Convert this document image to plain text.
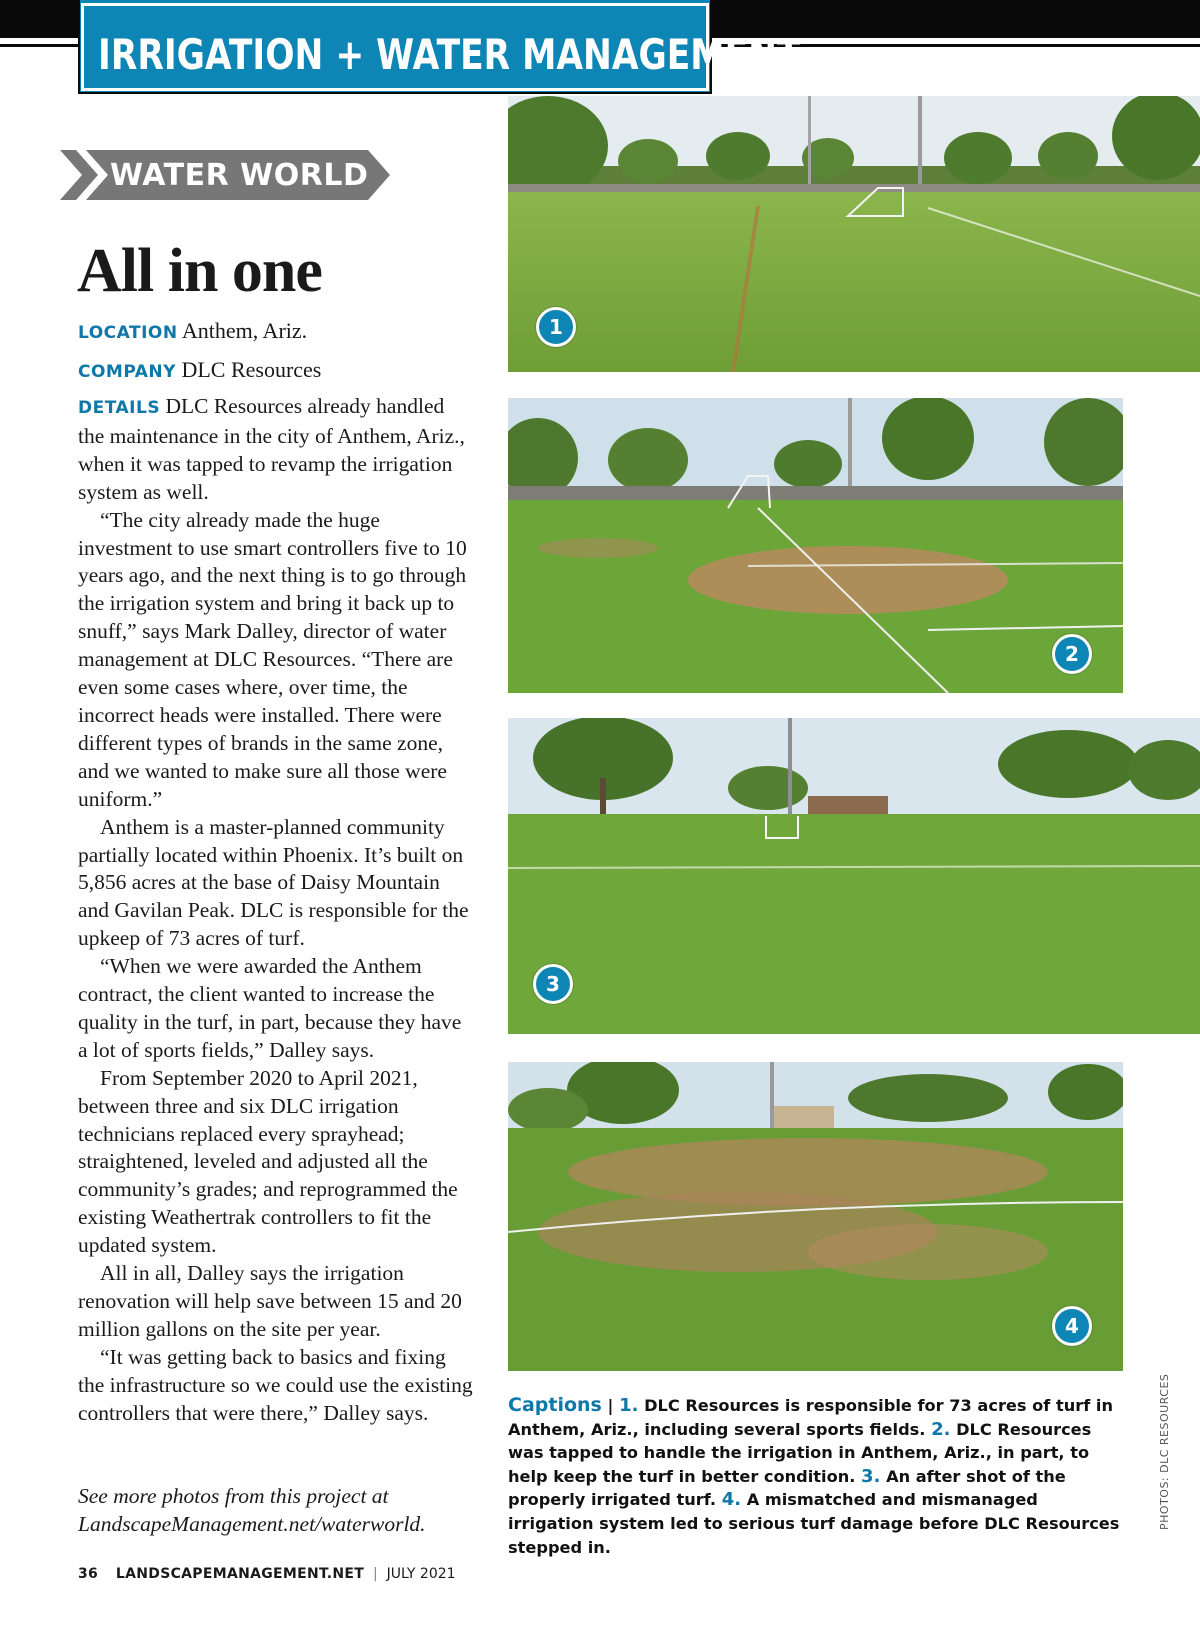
IRRIGATION + WATER MANAGEMENT
WATER WORLD
All in one
LOCATION Anthem, Ariz.
COMPANY DLC Resources

DETAILS DLC Resources already handled the maintenance in the city of Anthem, Ariz., when it was tapped to revamp the irrigation system as well.

“The city already made the huge investment to use smart controllers five to 10 years ago, and the next thing is to go through the irrigation system and bring it back up to snuff,” says Mark Dalley, director of water management at DLC Resources. “There are even some cases where, over time, the incorrect heads were installed. There were different types of brands in the same zone, and we wanted to make sure all those were uniform.”

Anthem is a master-planned community partially located within Phoenix. It’s built on 5,856 acres at the base of Daisy Mountain and Gavilan Peak. DLC is responsible for the upkeep of 73 acres of turf.

“When we were awarded the Anthem contract, the client wanted to increase the quality in the turf, in part, because they have a lot of sports fields,” Dalley says.

From September 2020 to April 2021, between three and six DLC irrigation technicians replaced every sprayhead; straightened, leveled and adjusted all the community’s grades; and reprogrammed the existing Weathertrak controllers to fit the updated system.

All in all, Dalley says the irrigation renovation will help save between 15 and 20 million gallons on the site per year.

“It was getting back to basics and fixing the infrastructure so we could use the existing controllers that were there,” Dalley says.

See more photos from this project at
LandscapeManagement.net/waterworld.
1
2
3
4
Captions | 1. DLC Resources is responsible for 73 acres of turf in Anthem, Ariz., including several sports fields. 2. DLC Resources was tapped to handle the irrigation in Anthem, Ariz., in part, to help keep the turf in better condition. 3. An after shot of the properly irrigated turf. 4. A mismatched and mismanaged irrigation system led to serious turf damage before DLC Resources stepped in.
PHOTOS: DLC RESOURCES
36 LANDSCAPEMANAGEMENT.NET | JULY 2021
